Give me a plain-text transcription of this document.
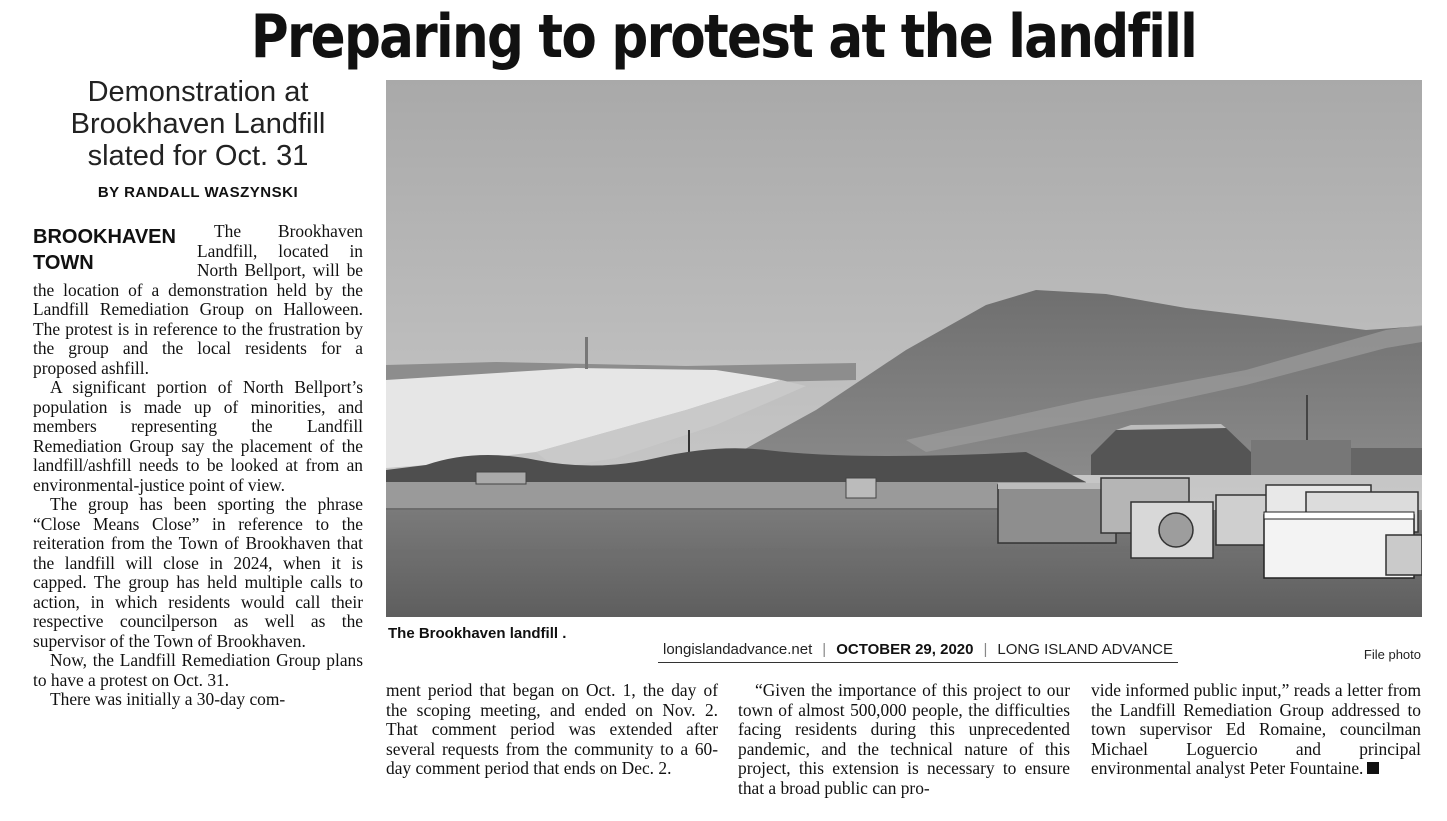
Preparing to protest at the landfill
Demonstration at
Brookhaven Landfill
slated for Oct. 31
BY RANDALL WASZYNSKI

BROOKHAVEN TOWN
The Brookhaven Landfill, located in North Bellport, will be the location of a demonstration held by the Landfill Remediation Group on Halloween. The protest is in reference to the frustration by the group and the local residents for a proposed ashfill.

A significant portion of North Bellport’s population is made up of minorities, and members representing the Landfill Remediation Group say the placement of the landfill/ashfill needs to be looked at from an environmental-justice point of view.

The group has been sporting the phrase “Close Means Close” in reference to the reiteration from the Town of Brookhaven that the landfill will close in 2024, when it is capped. The group has held multiple calls to action, in which residents would call their respective councilperson as well as the supervisor of the Town of Brookhaven.

Now, the Landfill Remediation Group plans to have a protest on Oct. 31.

There was initially a 30-day com-

The Brookhaven landfill .
longislandadvance.net | OCTOBER 29, 2020 | LONG ISLAND ADVANCE	File photo

ment period that began on Oct. 1, the day of the scoping meeting, and ended on Nov. 2. That comment period was extended after several requests from the community to a 60-day comment period that ends on Dec. 2.

“Given the importance of this project to our town of almost 500,000 people, the difficulties facing residents during this unprecedented pandemic, and the technical nature of this project, this extension is necessary to ensure that a broad public can pro-

vide informed public input,” reads a letter from the Landfill Remediation Group addressed to town supervisor Ed Romaine, councilman Michael Loguercio and principal environmental analyst Peter Fountaine.
